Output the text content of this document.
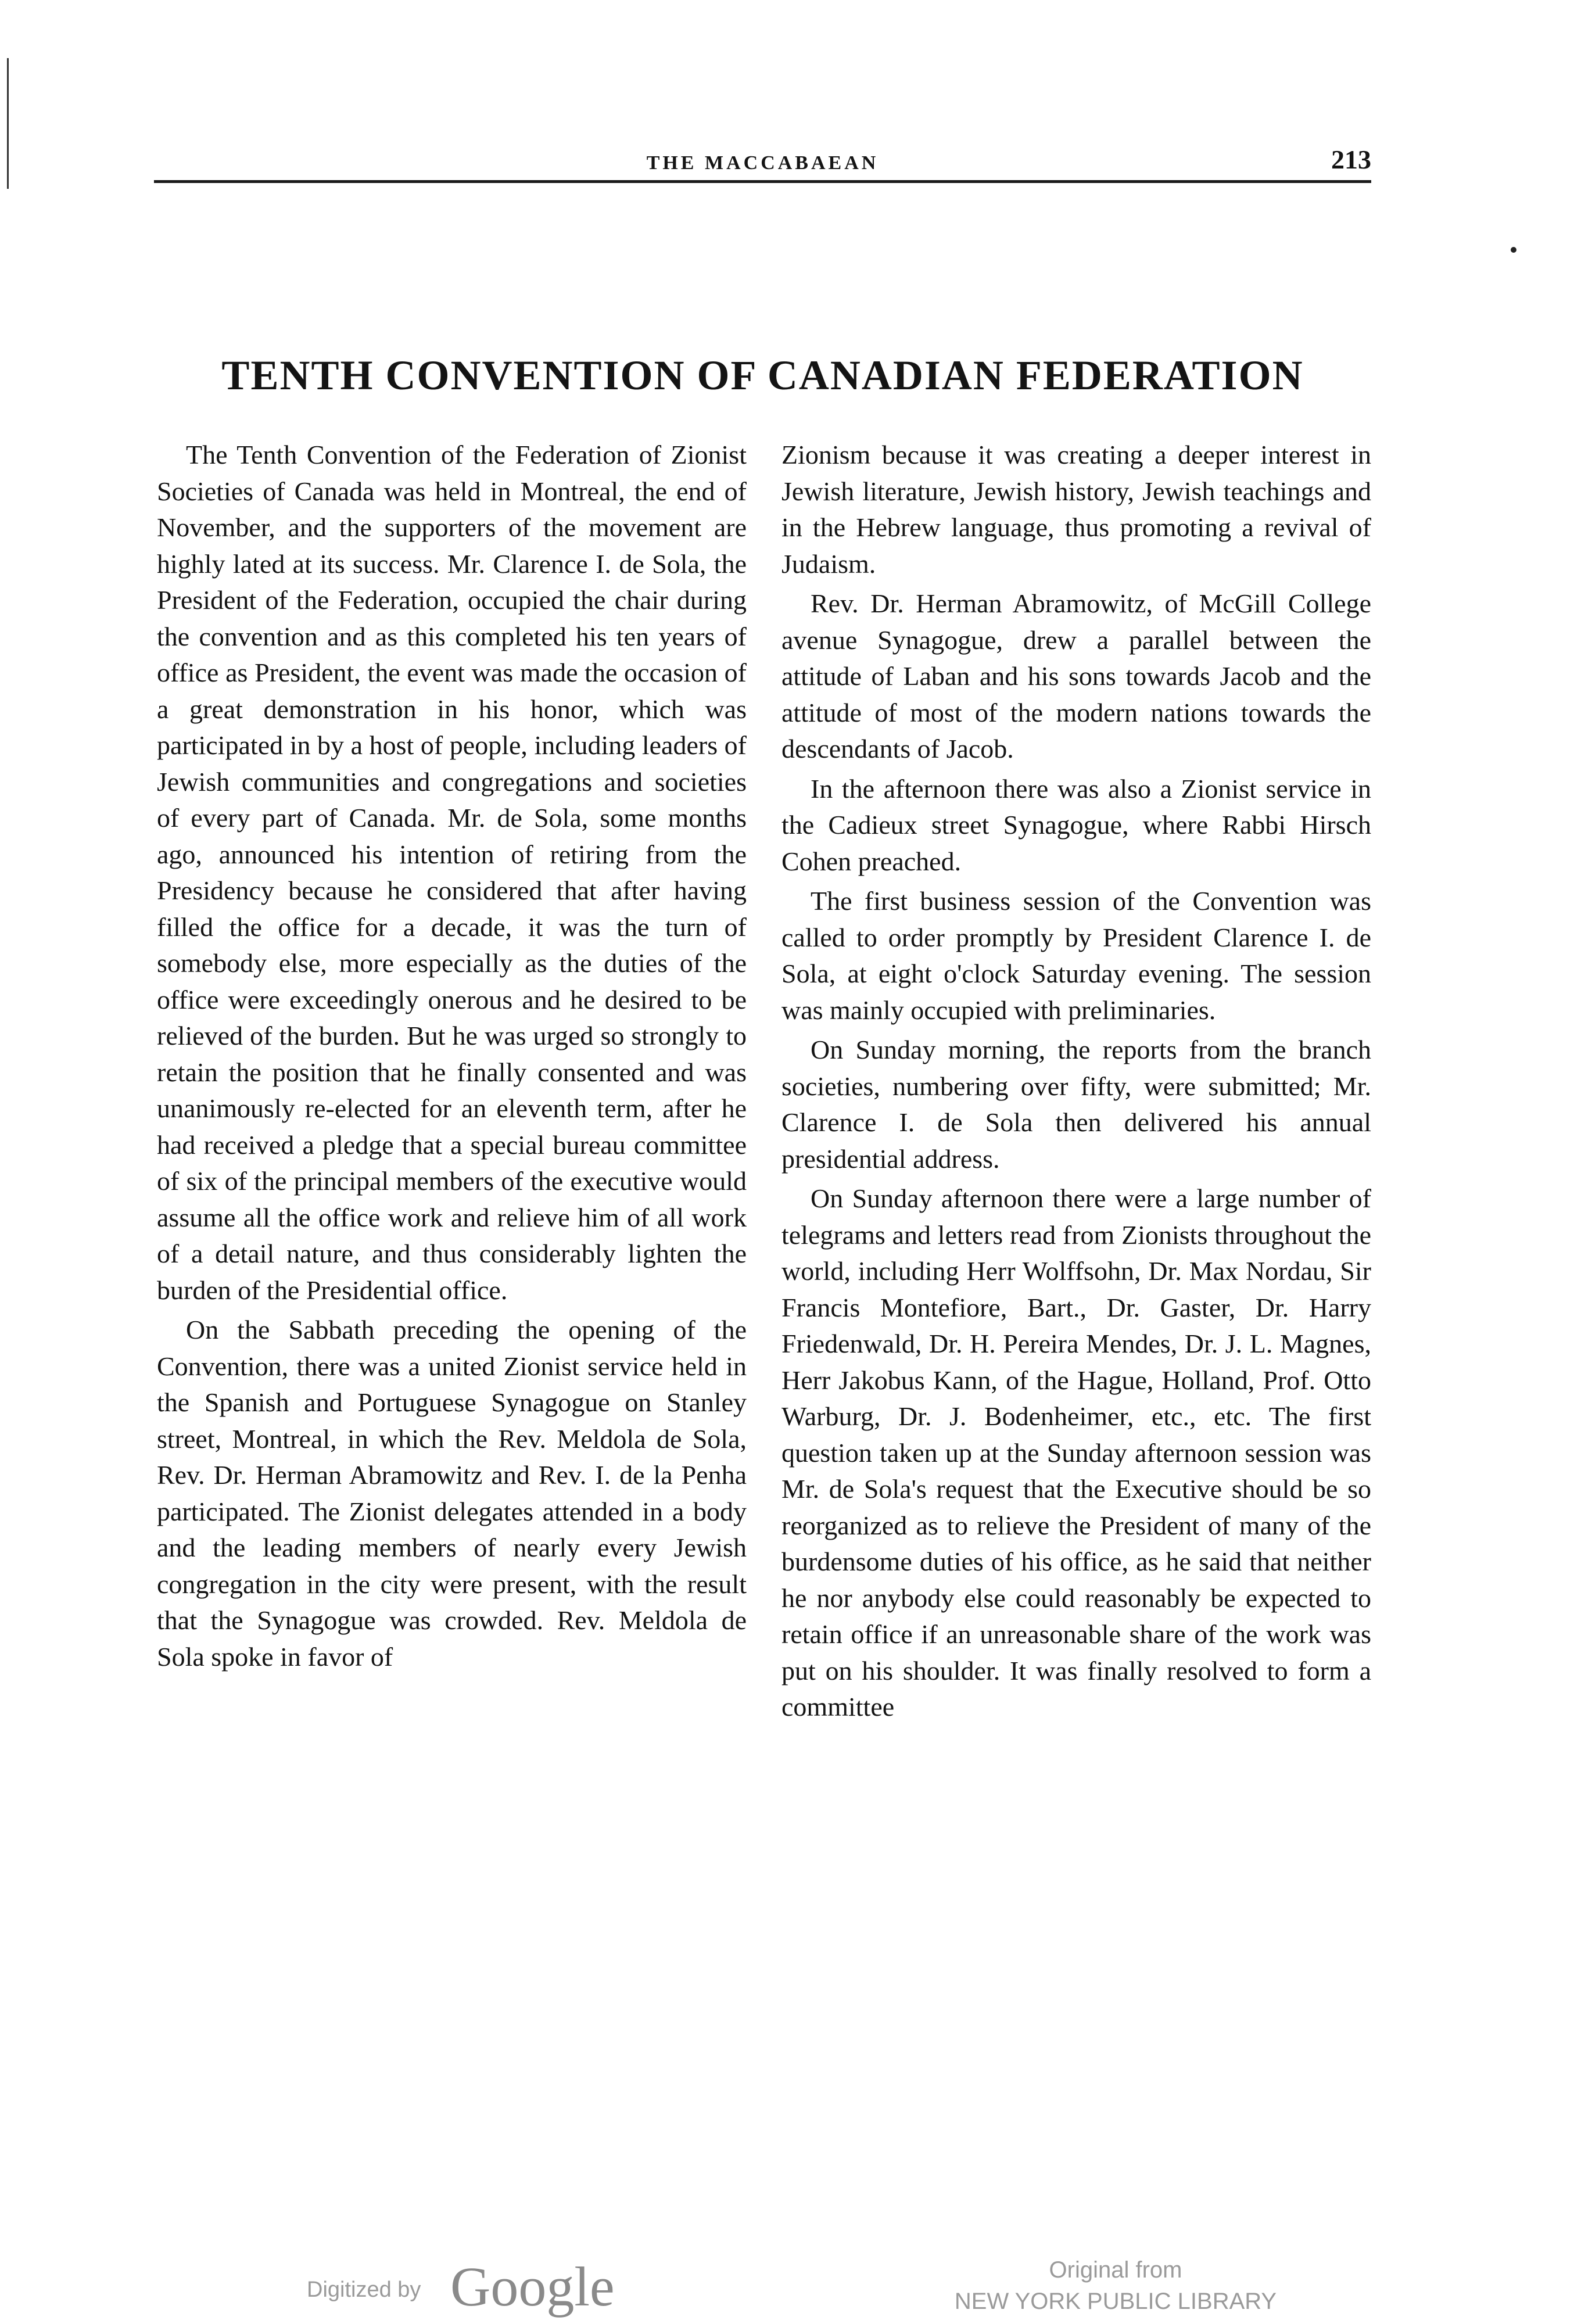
THE MACCABAEAN	213
TENTH CONVENTION OF CANADIAN FEDERATION

The Tenth Convention of the Federation of Zionist Societies of Canada was held in Montreal, the end of November, and the supporters of the movement are highly lated at its success. Mr. Clarence I. de Sola, the President of the Federation, occupied the chair during the convention and as this completed his ten years of office as President, the event was made the occasion of a great demonstration in his honor, which was participated in by a host of people, including leaders of Jewish communities and congregations and societies of every part of Canada. Mr. de Sola, some months ago, announced his intention of retiring from the Presidency because he considered that after having filled the office for a decade, it was the turn of somebody else, more especially as the duties of the office were exceedingly onerous and he desired to be relieved of the burden. But he was urged so strongly to retain the position that he finally consented and was unanimously re-elected for an eleventh term, after he had received a pledge that a special bureau committee of six of the principal members of the executive would assume all the office work and relieve him of all work of a detail nature, and thus considerably lighten the burden of the Presidential office.

On the Sabbath preceding the opening of the Convention, there was a united Zionist service held in the Spanish and Portuguese Synagogue on Stanley street, Montreal, in which the Rev. Meldola de Sola, Rev. Dr. Herman Abramowitz and Rev. I. de la Penha participated. The Zionist delegates attended in a body and the leading members of nearly every Jewish congregation in the city were present, with the result that the Synagogue was crowded. Rev. Meldola de Sola spoke in favor of

Zionism because it was creating a deeper interest in Jewish literature, Jewish history, Jewish teachings and in the Hebrew language, thus promoting a revival of Judaism.

Rev. Dr. Herman Abramowitz, of McGill College avenue Synagogue, drew a parallel between the attitude of Laban and his sons towards Jacob and the attitude of most of the modern nations towards the descendants of Jacob.

In the afternoon there was also a Zionist service in the Cadieux street Synagogue, where Rabbi Hirsch Cohen preached.

The first business session of the Convention was called to order promptly by President Clarence I. de Sola, at eight o'clock Saturday evening. The session was mainly occupied with preliminaries.

On Sunday morning, the reports from the branch societies, numbering over fifty, were submitted; Mr. Clarence I. de Sola then delivered his annual presidential address.

On Sunday afternoon there were a large number of telegrams and letters read from Zionists throughout the world, including Herr Wolffsohn, Dr. Max Nordau, Sir Francis Montefiore, Bart., Dr. Gaster, Dr. Harry Friedenwald, Dr. H. Pereira Mendes, Dr. J. L. Magnes, Herr Jakobus Kann, of the Hague, Holland, Prof. Otto Warburg, Dr. J. Bodenheimer, etc., etc. The first question taken up at the Sunday afternoon session was Mr. de Sola's request that the Executive should be so reorganized as to relieve the President of many of the burdensome duties of his office, as he said that neither he nor anybody else could reasonably be expected to retain office if an unreasonable share of the work was put on his shoulder. It was finally resolved to form a committee

Digitized by Google	Original from
NEW YORK PUBLIC LIBRARY
